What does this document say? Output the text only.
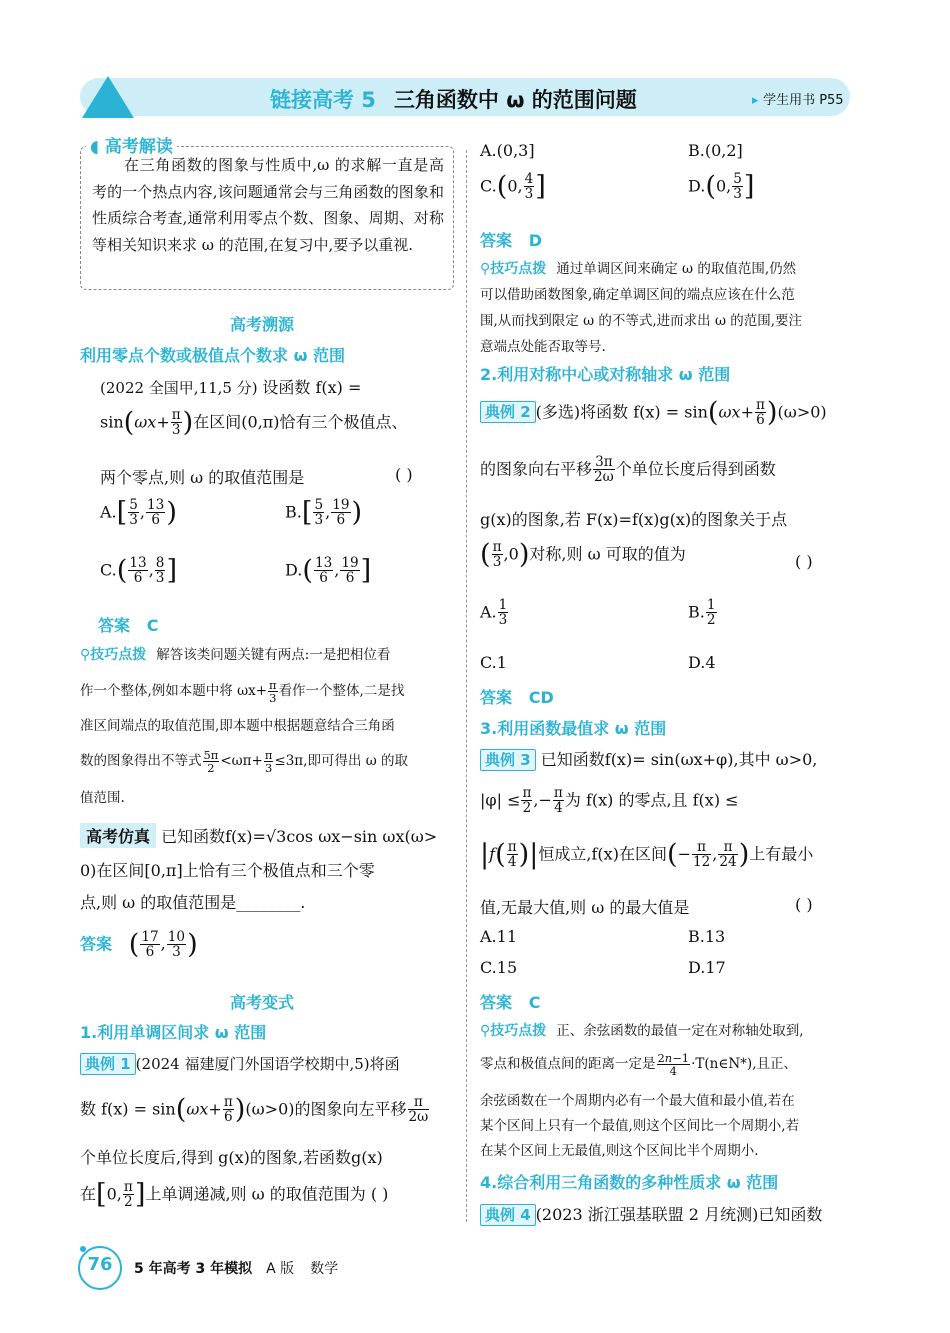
链接高考 5 三角函数中 ω 的范围问题	▸ 学生用书 P55
◖ 高考解读
在三角函数的图象与性质中,ω 的求解一直是高考的一个热点内容,该问题通常会与三角函数的图象和性质综合考查,通常利用零点个数、图象、周期、对称等相关知识来求 ω 的范围,在复习中,要予以重视.
高考溯源
利用零点个数或极值点个数求 ω 范围
(2022 全国甲,11,5 分) 设函数 f(x) =
$\sin(\omega x+ \frac{\pi}{3}$ )在区间(0,π)恰有三个极值点、
两个零点,则 ω 的取值范围是	( )
$A.[ \frac{5}{3}$ , $\frac{13}{6}$ )	$B.[ \frac{5}{3}$ , $\frac{19}{6}$ )
$C.( \frac{13}{6}$ , $\frac{8}{3}$ ]	$D.( \frac{13}{6}$ , $\frac{19}{6}$ ]
答案 C
⚲技巧点拨 解答该类问题关键有两点:一是把相位看
作一个整体,例如本题中将 $\omega x+ \frac{\pi}{3}$ 看作一个整体,二是找
准区间端点的取值范围,即本题中根据题意结合三角函
数的图象得出不等式 $\frac{5\pi}{2} <\omega\pi+ \frac{\pi}{3} \le 3\pi$,即可得出 ω 的取
值范围.
高考仿真 已知函数f(x)=√3cos ωx−sin ωx(ω>
0)在区间[0,π]上恰有三个极值点和三个零
点,则 ω 的取值范围是________.
答案 ( $\frac{17}{6}$ , $\frac{10}{3}$ )
高考变式
1.利用单调区间求 ω 范围
典例 1 (2024 福建厦门外国语学校期中,5)将函
数 $f(x) = \sin(\omega x+ \frac{\pi}{6} )(\omega>0)$的图象向左平移 $\frac{\pi}{2\omega}$
个单位长度后,得到 g(x)的图象,若函数g(x)
在[0, $\frac{\pi}{2}$ ]上单调递减,则 ω 的取值范围为 ( )
A.(0,3]	B.(0,2]
C.(0, $\frac{4}{3}$ ]	D.(0, $\frac{5}{3}$ ]
答案 D
⚲技巧点拨 通过单调区间来确定 ω 的取值范围,仍然
可以借助函数图象,确定单调区间的端点应该在什么范
围,从而找到限定 ω 的不等式,进而求出 ω 的范围,要注
意端点处能否取等号.
2.利用对称中心或对称轴求 ω 范围
典例 2 (多选)将函数 $f(x) = \sin(\omega x+ \frac{\pi}{6} )(\omega>0)$
的图象向右平移 $\frac{3\pi}{2\omega}$ 个单位长度后得到函数
g(x)的图象,若 F(x)=f(x)g(x)的图象关于点
( $\frac{\pi}{3} ,0$)对称,则 ω 可取的值为	( )
A. $\frac{1}{3}$	B. $\frac{1}{2}$
C.1	D.4
答案 CD
3.利用函数最值求 ω 范围
典例 3 已知函数f(x)= sin(ωx+φ),其中 ω>0,
$|\varphi| \le \frac{\pi}{2}$ ,− $\frac{\pi}{4}$ 为 f(x) 的零点,且 f(x) ≤
$|f( \frac{\pi}{4}$ )|恒成立,f(x)在区间(− $\frac{\pi}{12}$ , $\frac{\pi}{24}$ )上有最小
值,无最大值,则 ω 的最大值是	( )
A.11	B.13
C.15	D.17
答案 C
⚲技巧点拨 正、余弦函数的最值一定在对称轴处取到,
零点和极值点间的距离一定是 $\frac{2n-1}{4}$ ·T(n∈N*),且正、
余弦函数在一个周期内必有一个最大值和最小值,若在
某个区间上只有一个最值,则这个区间比一个周期小,若
在某个区间上无最值,则这个区间比半个周期小.
4.综合利用三角函数的多种性质求 ω 范围
典例 4 (2023 浙江强基联盟 2 月统测)已知函数
76	5 年高考 3 年模拟 A 版 数学
